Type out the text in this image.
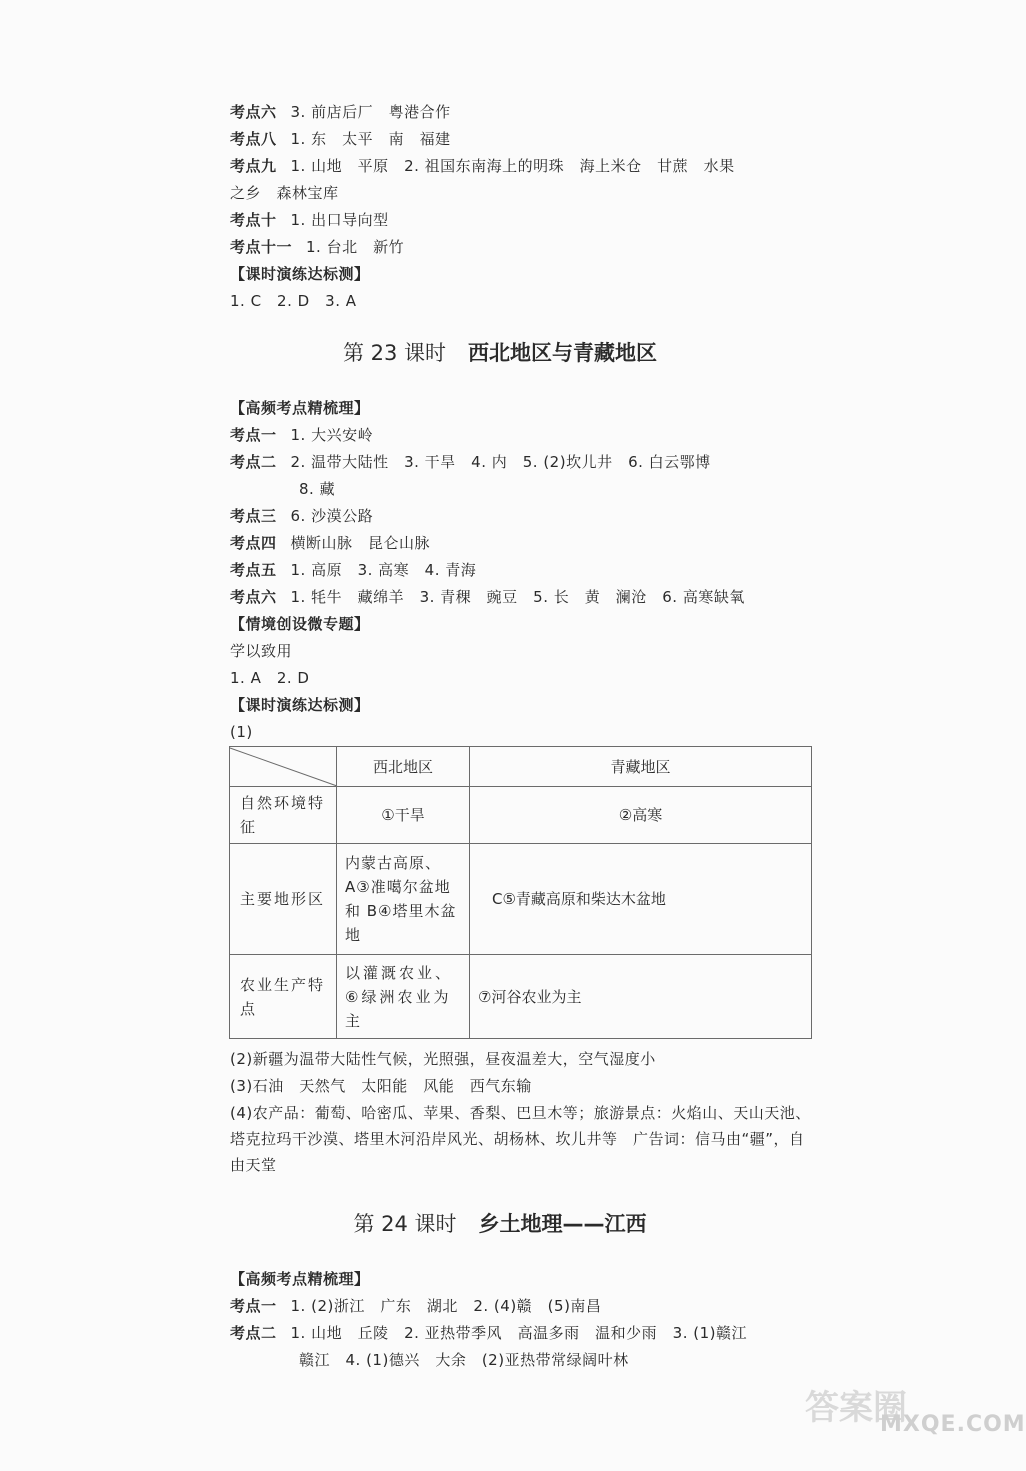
考点六 3. 前店后厂　粤港合作
考点八 1. 东　太平　南　福建
考点九 1. 山地　平原　2. 祖国东南海上的明珠　海上米仓　甘蔗　水果
之乡　森林宝库
考点十 1. 出口导向型
考点十一 1. 台北　新竹
【课时演练达标测】
1. C　2. D　3. A
第 23 课时 西北地区与青藏地区
【高频考点精梳理】
考点一 1. 大兴安岭
考点二 2. 温带大陆性　3. 干旱　4. 内　5. (2)坎儿井　6. 白云鄂博
8. 藏
考点三 6. 沙漠公路
考点四 横断山脉　昆仑山脉
考点五 1. 高原　3. 高寒　4. 青海
考点六 1. 牦牛　藏绵羊　3. 青稞　豌豆　5. 长　黄　澜沧　6. 高寒缺氧
【情境创设微专题】
学以致用
1. A　2. D
【课时演练达标测】
(1)
	西北地区	青藏地区
自然环境特征	①干旱	②高寒
主要地形区	内蒙古高原、A③准噶尔盆地和 B④塔里木盆地	C⑤青藏高原和柴达木盆地
农业生产特点	以灌溉农业、⑥绿洲农业为主	⑦河谷农业为主
(2)新疆为温带大陆性气候，光照强，昼夜温差大，空气湿度小
(3)石油　天然气　太阳能　风能　西气东输
(4)农产品：葡萄、哈密瓜、苹果、香梨、巴旦木等；旅游景点：火焰山、天山天池、塔克拉玛干沙漠、塔里木河沿岸风光、胡杨林、坎儿井等　广告词：信马由“疆”，自由天堂
第 24 课时 乡土地理——江西
【高频考点精梳理】
考点一 1. (2)浙江　广东　湖北　2. (4)赣　(5)南昌
考点二 1. 山地　丘陵　2. 亚热带季风　高温多雨　温和少雨　3. (1)赣江
赣江　4. (1)德兴　大余　(2)亚热带常绿阔叶林
答案圈
MXQE.COM
